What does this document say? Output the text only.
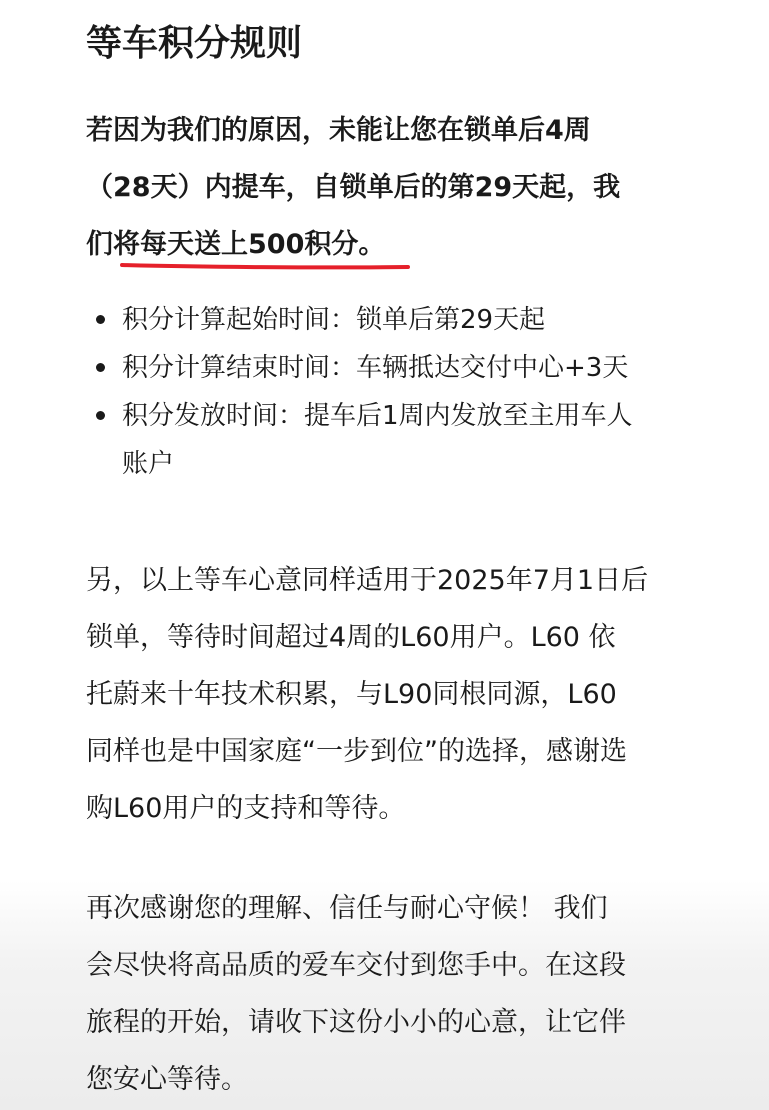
等车积分规则

若因为我们的原因，未能让您在锁单后4周
（28天）内提车，自锁单后的第29天起，我
们将每天送上500积分。

积分计算起始时间：锁单后第29天起
积分计算结束时间：车辆抵达交付中心+3天
积分发放时间：提车后1周内发放至主用车人
账户

另，以上等车心意同样适用于2025年7月1日后
锁单，等待时间超过4周的L60用户。L60 依
托蔚来十年技术积累，与L90同根同源，L60
同样也是中国家庭“一步到位”的选择，感谢选
购L60用户的支持和等待。

再次感谢您的理解、信任与耐心守候！ 我们
会尽快将高品质的爱车交付到您手中。在这段
旅程的开始，请收下这份小小的心意，让它伴
您安心等待。
